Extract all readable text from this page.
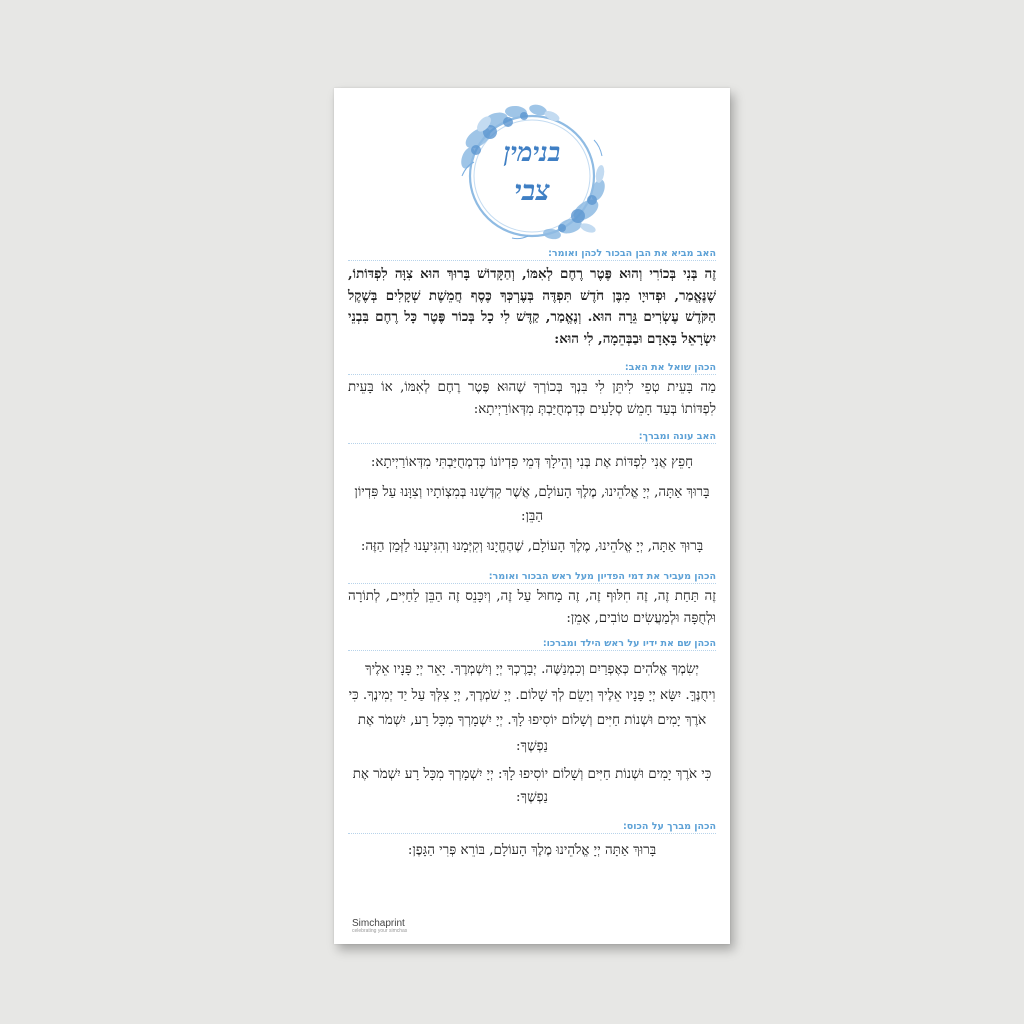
בנימין
צבי

האב מביא את הבן הבכור לכהן ואומר:

זֶה בְּנִי בְּכוֹרִי וְהוּא פֶּטֶר רֶחֶם לְאִמּוֹ, וְהַקָּדוֹשׁ בָּרוּךְ הוּא צִוָּה לִפְדּוֹתוֹ, שֶׁנֶּאֱמַר, וּפְדוּיָו מִבֶּן חֹדֶשׁ תִּפְדֶּה בְּעֶרְכְּךָ כֶּסֶף חֲמֵשֶׁת שְׁקָלִים בְּשֶׁקֶל הַקֹּדֶשׁ עֶשְׂרִים גֵּרָה הוּא. וְנֶאֱמַר, קַדֶּשׁ לִי כָל בְּכוֹר פֶּטֶר כָּל רֶחֶם בִּבְנֵי יִשְׂרָאֵל בָּאָדָם וּבַבְּהֵמָה, לִי הוּא:

הכהן שואל את האב:

מַה בָּעֵית טְפֵי לִיתֵּן לִי בִּנְךָ בְּכוֹרְךָ שֶׁהוּא פֶּטֶר רֶחֶם לְאִמּוֹ, אוֹ בָּעֵית לִפְדּוֹתוֹ בְּעַד חָמֵשׁ סְלָעִים כְּדִמְחֻיַּבְתְּ מִדְּאוֹרַיְיתָא:

האב עונה ומברך:

חָפֵץ אֲנִי לִפְדּוֹת אֶת בְּנִי וְהֵילָךְ דְּמֵי פִדְיוֹנוֹ כְּדִמְחֻיַּבְתִּי מִדְּאוֹרַיְיתָא:

בָּרוּךְ אַתָּה, יְיָ אֱלֹהֵינוּ, מֶלֶךְ הָעוֹלָם, אֲשֶׁר קִדְּשָׁנוּ בְּמִצְוֹתָיו וְצִוָּנוּ עַל פִּדְיוֹן הַבֵּן:

בָּרוּךְ אַתָּה, יְיָ אֱלֹהֵינוּ, מֶלֶךְ הָעוֹלָם, שֶׁהֶחֱיָנוּ וְקִיְּמָנוּ וְהִגִּיעָנוּ לַזְּמַן הַזֶּה:

הכהן מעביר את דמי הפדיון מעל ראש הבכור ואומר:

זֶה תַּחַת זֶה, זֶה חִלּוּף זֶה, זֶה מָחוּל עַל זֶה, וְיִכָּנֵס זֶה הַבֵּן לַחַיִּים, לְתוֹרָה וּלְחֻפָּה וּלְמַעֲשִׂים טוֹבִים, אָמֵן:

הכהן שם את ידיו על ראש הילד ומברכו:

יְשִׂמְךָ אֱלֹהִים כְּאֶפְרַיִם וְכִמְנַשֶּׁה. יְבָרֶכְךָ יְיָ וְיִשְׁמְרֶךָ. יָאֵר יְיָ פָּנָיו אֵלֶיךָ וִיחֻנֶּךָּ. יִשָּׂא יְיָ פָּנָיו אֵלֶיךָ וְיָשֵׂם לְךָ שָׁלוֹם. יְיָ שֹׁמְרֶךָ, יְיָ צִלְּךָ עַל יַד יְמִינֶךָ. כִּי אֹרֶךְ יָמִים וּשְׁנוֹת חַיִּים וְשָׁלוֹם יוֹסִיפוּ לָךְ. יְיָ יִשְׁמָרְךָ מִכָּל רָע, יִשְׁמֹר אֶת נַפְשֶׁךָ:

כִּי אֹרֶךְ יָמִים וּשְׁנוֹת חַיִּים וְשָׁלוֹם יוֹסִיפוּ לָךְ: יְיָ יִשְׁמָרְךָ מִכָּל רָע יִשְׁמֹר אֶת נַפְשֶׁךָ:

הכהן מברך על הכוס:

בָּרוּךְ אַתָּה יְיָ אֱלֹהֵינוּ מֶלֶךְ הָעוֹלָם, בּוֹרֵא פְּרִי הַגָּפֶן:

Simchaprint
celebrating your simchas
